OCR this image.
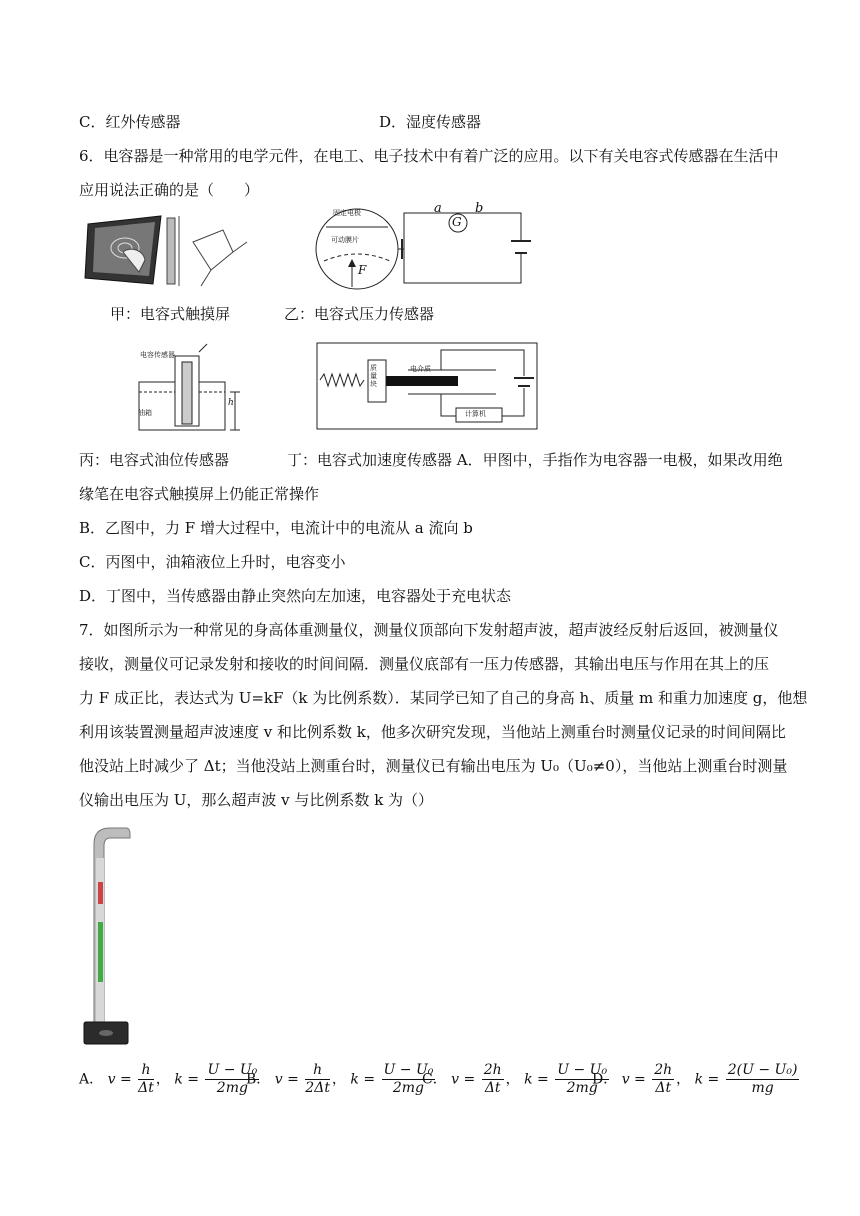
C．红外传感器	D．湿度传感器
6．电容器是一种常用的电学元件，在电工、电子技术中有着广泛的应用。以下有关电容式传感器在生活中
应用说法正确的是（　　）
甲：电容式触摸屏
固定电极
可动膜片
F
a
G
b
乙：电容式压力传感器
电容传感器
油箱
h
质量块
电介质
计算机
丙：电容式油位传感器	丁：电容式加速度传感器 A．甲图中，手指作为电容器一电极，如果改用绝
缘笔在电容式触摸屏上仍能正常操作
B．乙图中，力 F 增大过程中，电流计中的电流从 a 流向 b
C．丙图中，油箱液位上升时，电容变小
D．丁图中，当传感器由静止突然向左加速，电容器处于充电状态
7．如图所示为一种常见的身高体重测量仪，测量仪顶部向下发射超声波，超声波经反射后返回，被测量仪
接收，测量仪可记录发射和接收的时间间隔．测量仪底部有一压力传感器，其输出电压与作用在其上的压
力 F 成正比，表达式为 U=kF（k 为比例系数）．某同学已知了自己的身高 h、质量 m 和重力加速度 g，他想
利用该装置测量超声波速度 v 和比例系数 k，他多次研究发现，当他站上测重台时测量仪记录的时间间隔比
他没站上时减少了 Δt；当他没站上测重台时，测量仪已有输出电压为 U₀（U₀≠0），当他站上测重台时测量
仪输出电压为 U，那么超声波 v 与比例系数 k 为（）
A． $v = \frac{h}{\Delta t}$ ， $k = \frac{\text{U − U₀}}{2mg}$
B． $v = \frac{h}{2\Delta t}$ ， $k = \frac{\text{U − U₀}}{2mg}$
C． $v = \frac{2h}{\Delta t}$ ， $k = \frac{\text{U − U₀}}{2mg}$
D． $v = \frac{2h}{\Delta t}$ ， $k = \frac{\text{2(U − U₀)}}{mg}$
